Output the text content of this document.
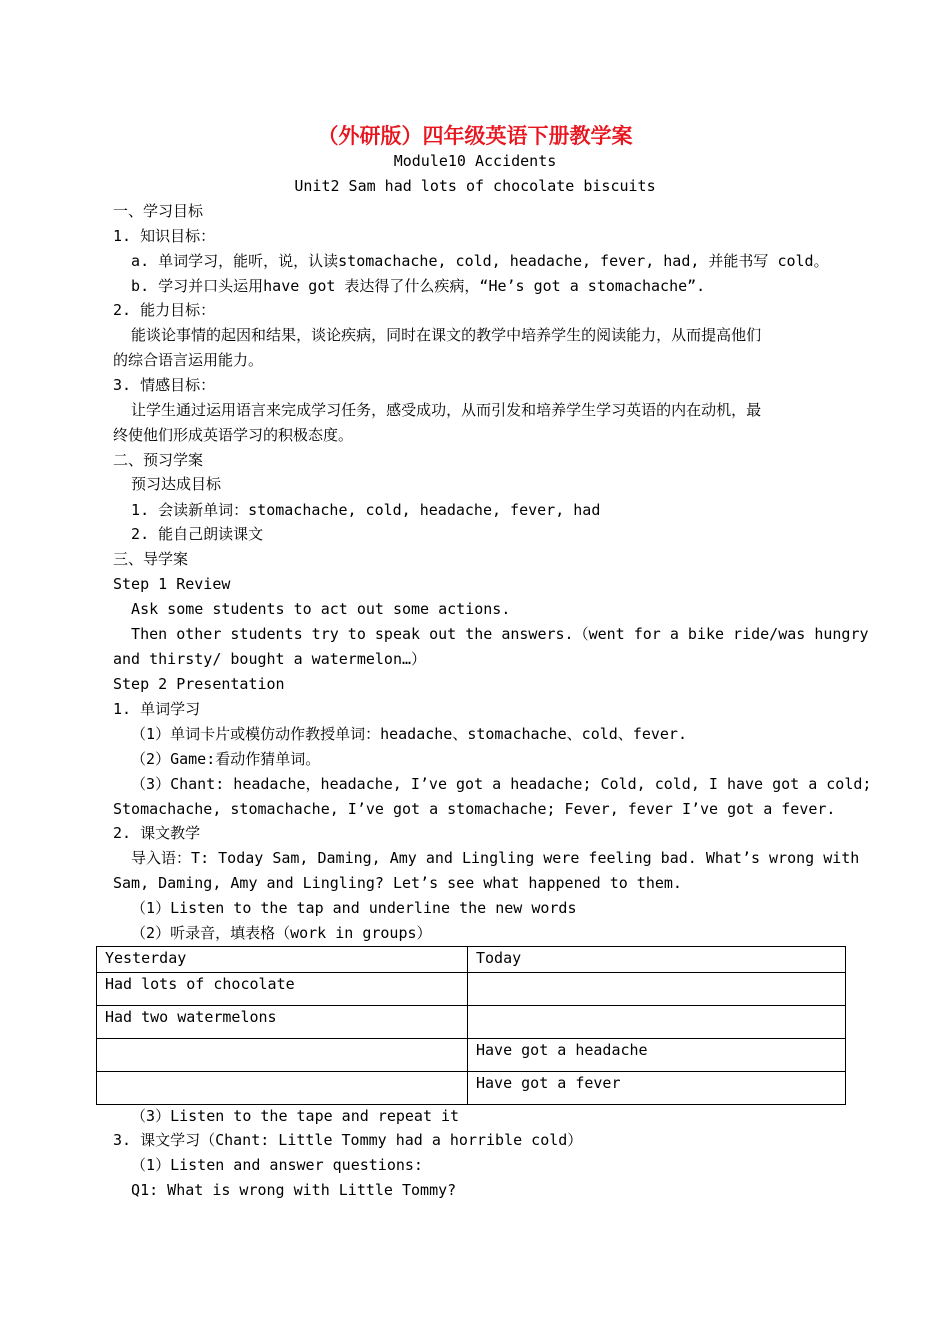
（外研版）四年级英语下册教学案
Module10 Accidents
Unit2 Sam had lots of chocolate biscuits
一、学习目标
1. 知识目标：
a. 单词学习，能听，说，认读stomachache, cold, headache, fever, had, 并能书写 cold。
b. 学习并口头运用have got 表达得了什么疾病，“He’s got a stomachache”.
2. 能力目标：
能谈论事情的起因和结果，谈论疾病，同时在课文的教学中培养学生的阅读能力，从而提高他们
的综合语言运用能力。
3. 情感目标：
让学生通过运用语言来完成学习任务，感受成功，从而引发和培养学生学习英语的内在动机，最
终使他们形成英语学习的积极态度。
二、预习学案
预习达成目标
1. 会读新单词：stomachache, cold, headache, fever, had
2. 能自己朗读课文
三、导学案
Step 1 Review
Ask some students to act out some actions.
Then other students try to speak out the answers.（went for a bike ride/was hungry
and thirsty/ bought a watermelon…）
Step 2 Presentation
1. 单词学习
（1）单词卡片或模仿动作教授单词：headache、stomachache、cold、fever.
（2）Game:看动作猜单词。
（3）Chant: headache，headache, I’ve got a headache; Cold, cold, I have got a cold;
Stomachache, stomachache, I’ve got a stomachache; Fever, fever I’ve got a fever.
2. 课文教学
导入语：T: Today Sam, Daming, Amy and Lingling were feeling bad. What’s wrong with
Sam, Daming, Amy and Lingling? Let’s see what happened to them.
（1）Listen to the tap and underline the new words
（2）听录音，填表格（work in groups）
Yesterday	Today
Had lots of chocolate	
Had two watermelons	
	Have got a headache
	Have got a fever
（3）Listen to the tape and repeat it
3. 课文学习（Chant: Little Tommy had a horrible cold）
（1）Listen and answer questions:
Q1: What is wrong with Little Tommy?
